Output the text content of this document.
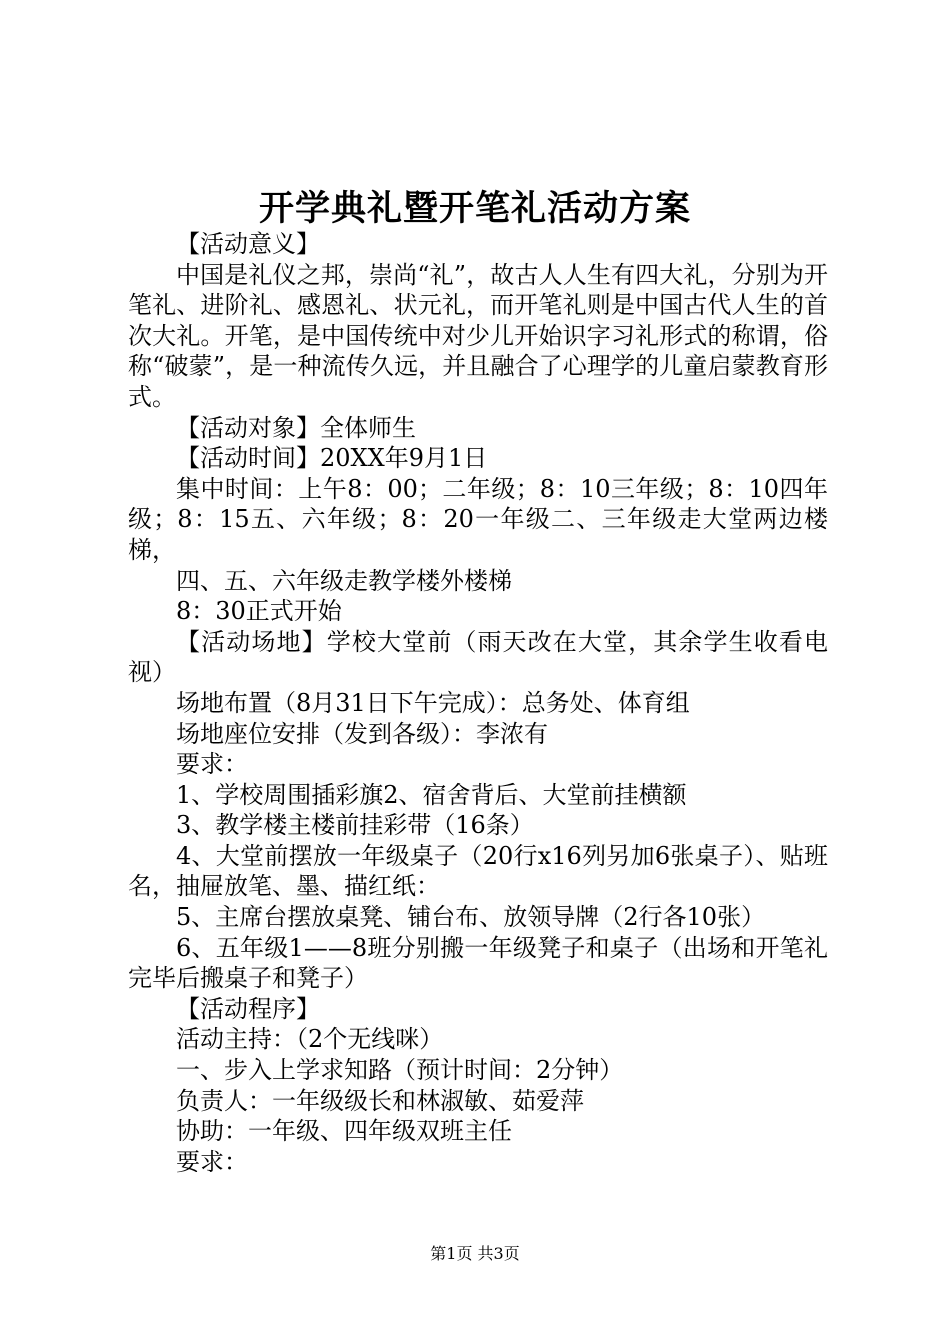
开学典礼暨开笔礼活动方案

【活动意义】

中国是礼仪之邦，崇尚“礼”，故古人人生有四大礼，分别为开笔礼、进阶礼、感恩礼、状元礼，而开笔礼则是中国古代人生的首次大礼。开笔，是中国传统中对少儿开始识字习礼形式的称谓，俗称“破蒙”，是一种流传久远，并且融合了心理学的儿童启蒙教育形式。

【活动对象】全体师生

【活动时间】20XX年9月1日

集中时间：上午8：00；二年级；8：10三年级；8：10四年级；8：15五、六年级；8：20一年级二、三年级走大堂两边楼梯，

四、五、六年级走教学楼外楼梯

8：30正式开始

【活动场地】学校大堂前（雨天改在大堂，其余学生收看电视）

场地布置（8月31日下午完成）：总务处、体育组

场地座位安排（发到各级）：李浓有

要求：

1、学校周围插彩旗2、宿舍背后、大堂前挂横额

3、教学楼主楼前挂彩带（16条）

4、大堂前摆放一年级桌子（20行x16列另加6张桌子）、贴班名，抽屉放笔、墨、描红纸：

5、主席台摆放桌凳、铺台布、放领导牌（2行各10张）

6、五年级1——8班分别搬一年级凳子和桌子（出场和开笔礼完毕后搬桌子和凳子）

【活动程序】

活动主持：（2个无线咪）

一、步入上学求知路（预计时间：2分钟）

负责人：一年级级长和林淑敏、茹爱萍

协助：一年级、四年级双班主任

要求：

第1页 共3页
